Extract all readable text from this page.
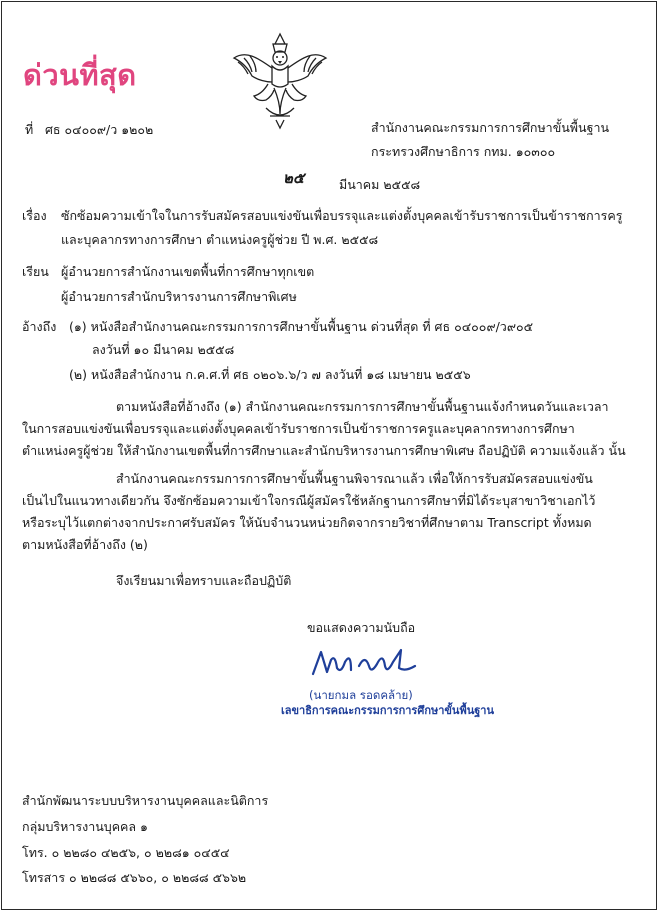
ด่วนที่สุด
ที่ ศธ ๐๔๐๐๙/ว ๑๒๐๒	สำนักงานคณะกรรมการการศึกษาขั้นพื้นฐาน
กระทรวงศึกษาธิการ กทม. ๑๐๓๐๐
๒๕	มีนาคม ๒๕๕๘
เรื่อง ซักซ้อมความเข้าใจในการรับสมัครสอบแข่งขันเพื่อบรรจุและแต่งตั้งบุคคลเข้ารับราชการเป็นข้าราชการครู
และบุคลากรทางการศึกษา ตำแหน่งครูผู้ช่วย ปี พ.ศ. ๒๕๕๘
เรียน ผู้อำนวยการสำนักงานเขตพื้นที่การศึกษาทุกเขต
ผู้อำนวยการสำนักบริหารงานการศึกษาพิเศษ
อ้างถึง (๑) หนังสือสำนักงานคณะกรรมการการศึกษาขั้นพื้นฐาน ด่วนที่สุด ที่ ศธ ๐๔๐๐๙/ว๙๐๕
ลงวันที่ ๑๐ มีนาคม ๒๕๕๘
(๒) หนังสือสำนักงาน ก.ค.ศ.ที่ ศธ ๐๒๐๖.๖/ว ๗ ลงวันที่ ๑๘ เมษายน ๒๕๕๖

ตามหนังสือที่อ้างถึง (๑) สำนักงานคณะกรรมการการศึกษาขั้นพื้นฐานแจ้งกำหนดวันและเวลา

ในการสอบแข่งขันเพื่อบรรจุและแต่งตั้งบุคคลเข้ารับราชการเป็นข้าราชการครูและบุคลากรทางการศึกษา

ตำแหน่งครูผู้ช่วย ให้สำนักงานเขตพื้นที่การศึกษาและสำนักบริหารงานการศึกษาพิเศษ ถือปฏิบัติ ความแจ้งแล้ว นั้น

สำนักงานคณะกรรมการการศึกษาขั้นพื้นฐานพิจารณาแล้ว เพื่อให้การรับสมัครสอบแข่งขัน

เป็นไปในแนวทางเดียวกัน จึงซักซ้อมความเข้าใจกรณีผู้สมัครใช้หลักฐานการศึกษาที่มิได้ระบุสาขาวิชาเอกไว้

หรือระบุไว้แตกต่างจากประกาศรับสมัคร ให้นับจำนวนหน่วยกิตจากรายวิชาที่ศึกษาตาม Transcript ทั้งหมด

ตามหนังสือที่อ้างถึง (๒)

จึงเรียนมาเพื่อทราบและถือปฏิบัติ
ขอแสดงความนับถือ
(นายกมล รอดคล้าย)
เลขาธิการคณะกรรมการการศึกษาขั้นพื้นฐาน
สำนักพัฒนาระบบบริหารงานบุคคลและนิติการ
กลุ่มบริหารงานบุคคล ๑
โทร. ๐ ๒๒๘๐ ๔๒๕๖, ๐ ๒๒๘๑ ๐๔๕๔
โทรสาร ๐ ๒๒๘๘ ๕๖๖๐, ๐ ๒๒๘๘ ๕๖๖๒
